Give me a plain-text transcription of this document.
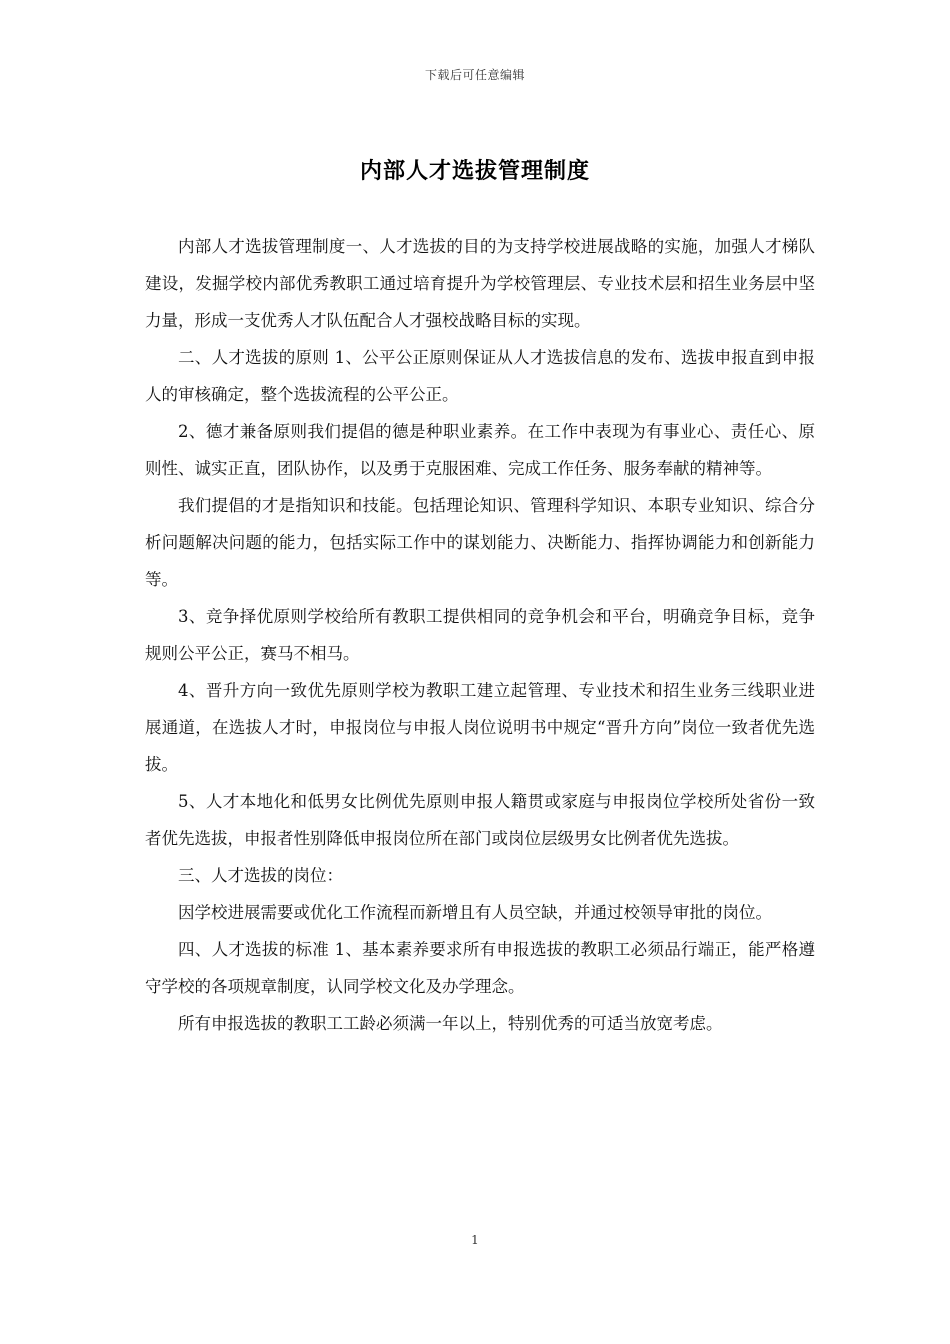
下载后可任意编辑
内部人才选拔管理制度

内部人才选拔管理制度一、人才选拔的目的为支持学校进展战略的实施，加强人才梯队建设，发掘学校内部优秀教职工通过培育提升为学校管理层、专业技术层和招生业务层中坚力量，形成一支优秀人才队伍配合人才强校战略目标的实现。

二、人才选拔的原则 1、公平公正原则保证从人才选拔信息的发布、选拔申报直到申报人的审核确定，整个选拔流程的公平公正。

2、德才兼备原则我们提倡的德是种职业素养。在工作中表现为有事业心、责任心、原则性、诚实正直，团队协作，以及勇于克服困难、完成工作任务、服务奉献的精神等。

我们提倡的才是指知识和技能。包括理论知识、管理科学知识、本职专业知识、综合分析问题解决问题的能力，包括实际工作中的谋划能力、决断能力、指挥协调能力和创新能力等。

3、竞争择优原则学校给所有教职工提供相同的竞争机会和平台，明确竞争目标，竞争规则公平公正，赛马不相马。

4、晋升方向一致优先原则学校为教职工建立起管理、专业技术和招生业务三线职业进展通道，在选拔人才时，申报岗位与申报人岗位说明书中规定“晋升方向”岗位一致者优先选拔。

5、人才本地化和低男女比例优先原则申报人籍贯或家庭与申报岗位学校所处省份一致者优先选拔，申报者性别降低申报岗位所在部门或岗位层级男女比例者优先选拔。

三、人才选拔的岗位：

因学校进展需要或优化工作流程而新增且有人员空缺，并通过校领导审批的岗位。

四、人才选拔的标准 1、基本素养要求所有申报选拔的教职工必须品行端正，能严格遵守学校的各项规章制度，认同学校文化及办学理念。

所有申报选拔的教职工工龄必须满一年以上，特别优秀的可适当放宽考虑。

1
